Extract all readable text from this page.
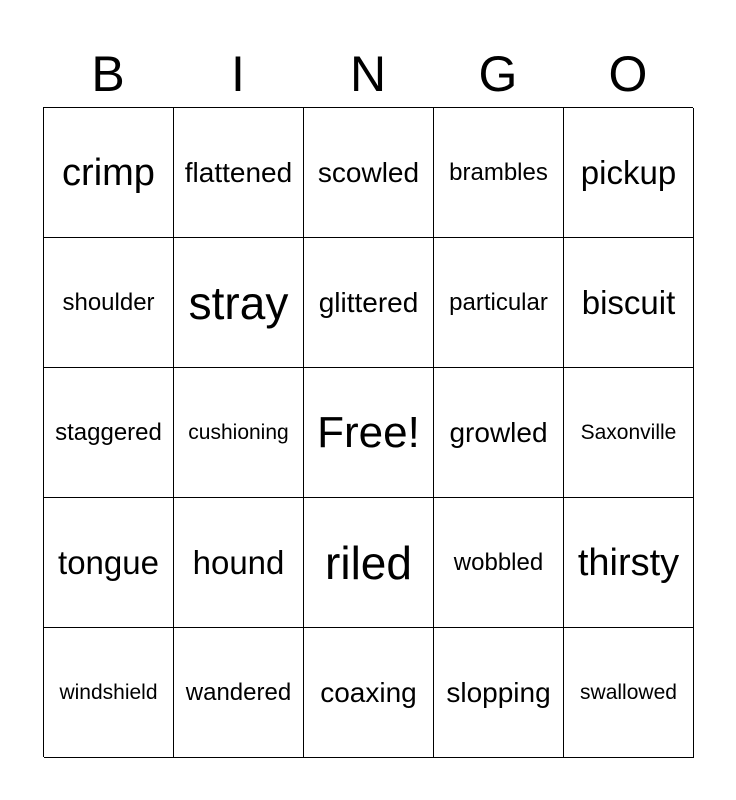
B	I	N	G	O
crimp flattened scowled brambles pickup
shoulder stray glittered particular biscuit
staggered cushioning Free! growled Saxonville
tongue hound riled wobbled thirsty
windshield wandered coaxing slopping swallowed
